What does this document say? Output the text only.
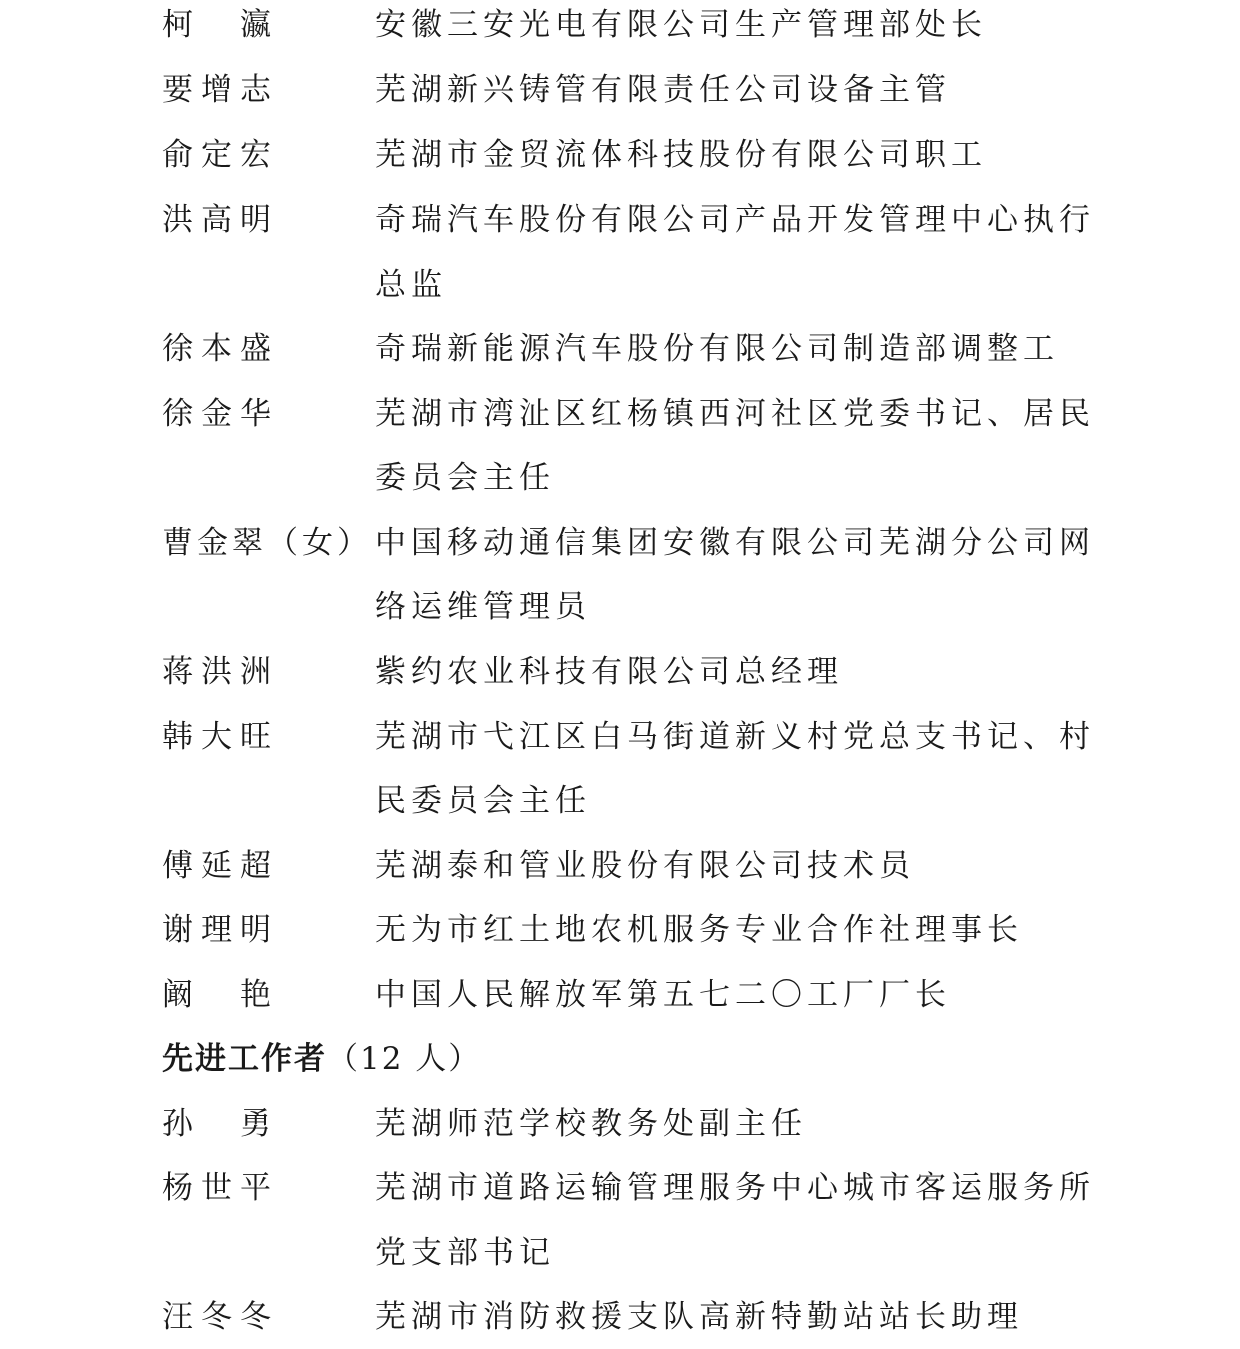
柯　瀛	安徽三安光电有限公司生产管理部处长
要增志	芜湖新兴铸管有限责任公司设备主管
俞定宏	芜湖市金贸流体科技股份有限公司职工
洪高明	奇瑞汽车股份有限公司产品开发管理中心执行
总监
徐本盛	奇瑞新能源汽车股份有限公司制造部调整工
徐金华	芜湖市湾沚区红杨镇西河社区党委书记、居民
委员会主任
曹金翠（女） 中国移动通信集团安徽有限公司芜湖分公司网
络运维管理员
蒋洪洲	紫约农业科技有限公司总经理
韩大旺	芜湖市弋江区白马街道新义村党总支书记、村
民委员会主任
傅延超	芜湖泰和管业股份有限公司技术员
谢理明	无为市红土地农机服务专业合作社理事长
阚　艳	中国人民解放军第五七二〇工厂厂长
先进工作者（12 人）
孙　勇	芜湖师范学校教务处副主任
杨世平	芜湖市道路运输管理服务中心城市客运服务所
党支部书记
汪冬冬	芜湖市消防救援支队高新特勤站站长助理
